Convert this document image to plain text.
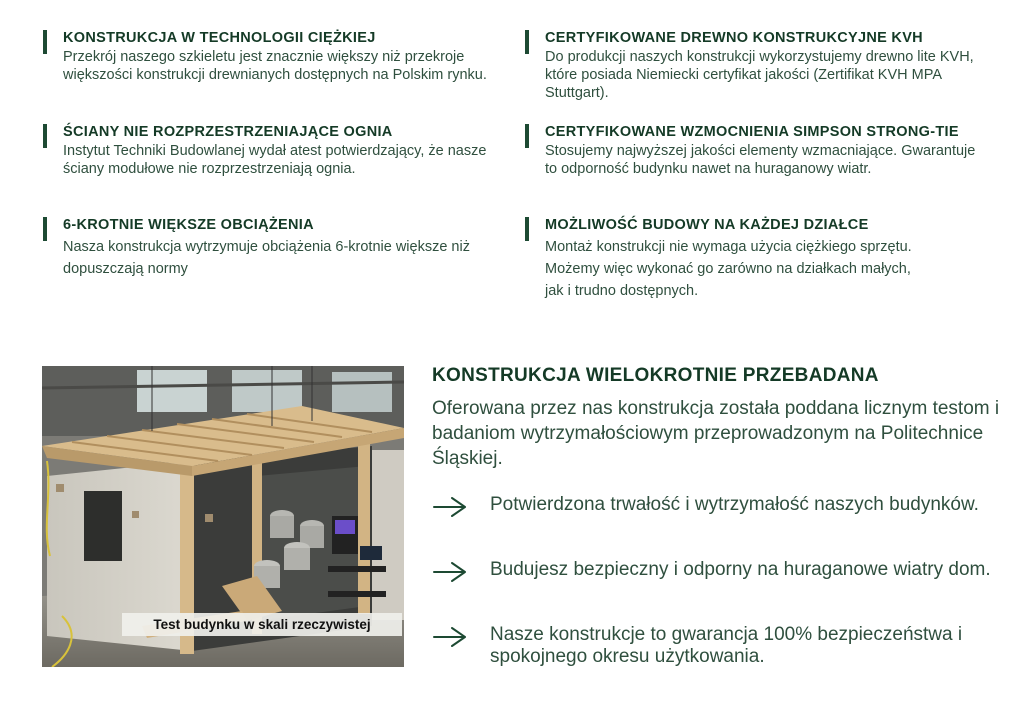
KONSTRUKCJA W TECHNOLOGII CIĘŻKIEJ

Przekrój naszego szkieletu jest znacznie większy niż przekroje większości konstrukcji drewnianych dostępnych na Polskim rynku.

CERTYFIKOWANE DREWNO KONSTRUKCYJNE KVH

Do produkcji naszych konstrukcji wykorzystujemy drewno lite KVH, które posiada Niemiecki certyfikat jakości (Zertifikat KVH MPA Stuttgart).

ŚCIANY NIE ROZPRZESTRZENIAJĄCE OGNIA

Instytut Techniki Budowlanej wydał atest potwierdzający, że nasze ściany modułowe nie rozprzestrzeniają ognia.

CERTYFIKOWANE WZMOCNIENIA SIMPSON STRONG-TIE

Stosujemy najwyższej jakości elementy wzmacniające. Gwarantuje to odporność budynku nawet na huraganowy wiatr.

6-KROTNIE WIĘKSZE OBCIĄŻENIA

Nasza konstrukcja wytrzymuje obciążenia 6-krotnie większe niż dopuszczają normy

MOŻLIWOŚĆ BUDOWY NA KAŻDEJ DZIAŁCE

Montaż konstrukcji nie wymaga użycia ciężkiego sprzętu. Możemy więc wykonać go zarówno na działkach małych, jak i trudno dostępnych.

Test budynku w skali rzeczywistej
KONSTRUKCJA WIELOKROTNIE PRZEBADANA

Oferowana przez nas konstrukcja została poddana licznym testom i badaniom wytrzymałościowym przeprowadzonym na Politechnice Śląskiej.

Potwierdzona trwałość i wytrzymałość naszych budynków.

Budujesz bezpieczny i odporny na huraganowe wiatry dom.

Nasze konstrukcje to gwarancja 100% bezpieczeństwa i spokojnego okresu użytkowania.
